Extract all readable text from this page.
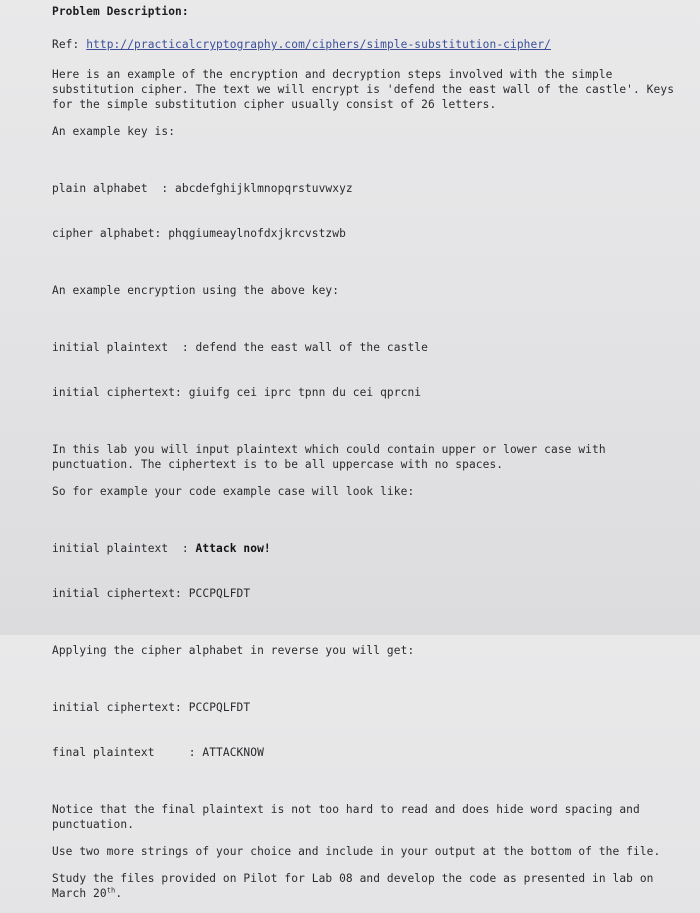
Problem Description:
Ref: http://practicalcryptography.com/ciphers/simple-substitution-cipher/
Here is an example of the encryption and decryption steps involved with the simple substitution cipher. The text we will encrypt is 'defend the east wall of the castle'. Keys for the simple substitution cipher usually consist of 26 letters.
An example key is:

plain alphabet  : abcdefghijklmnopqrstuvwxyz

cipher alphabet: phqgiumeaylnofdxjkrcvstzwb

An example encryption using the above key:

initial plaintext  : defend the east wall of the castle

initial ciphertext: giuifg cei iprc tpnn du cei qprcni

In this lab you will input plaintext which could contain upper or lower case with punctuation. The ciphertext is to be all uppercase with no spaces.
So for example your code example case will look like:

initial plaintext  : Attack now!

initial ciphertext: PCCPQLFDT

Applying the cipher alphabet in reverse you will get:

initial ciphertext: PCCPQLFDT

final plaintext     : ATTACKNOW

Notice that the final plaintext is not too hard to read and does hide word spacing and punctuation.
Use two more strings of your choice and include in your output at the bottom of the file.
Study the files provided on Pilot for Lab 08 and develop the code as presented in lab on March 20th.
